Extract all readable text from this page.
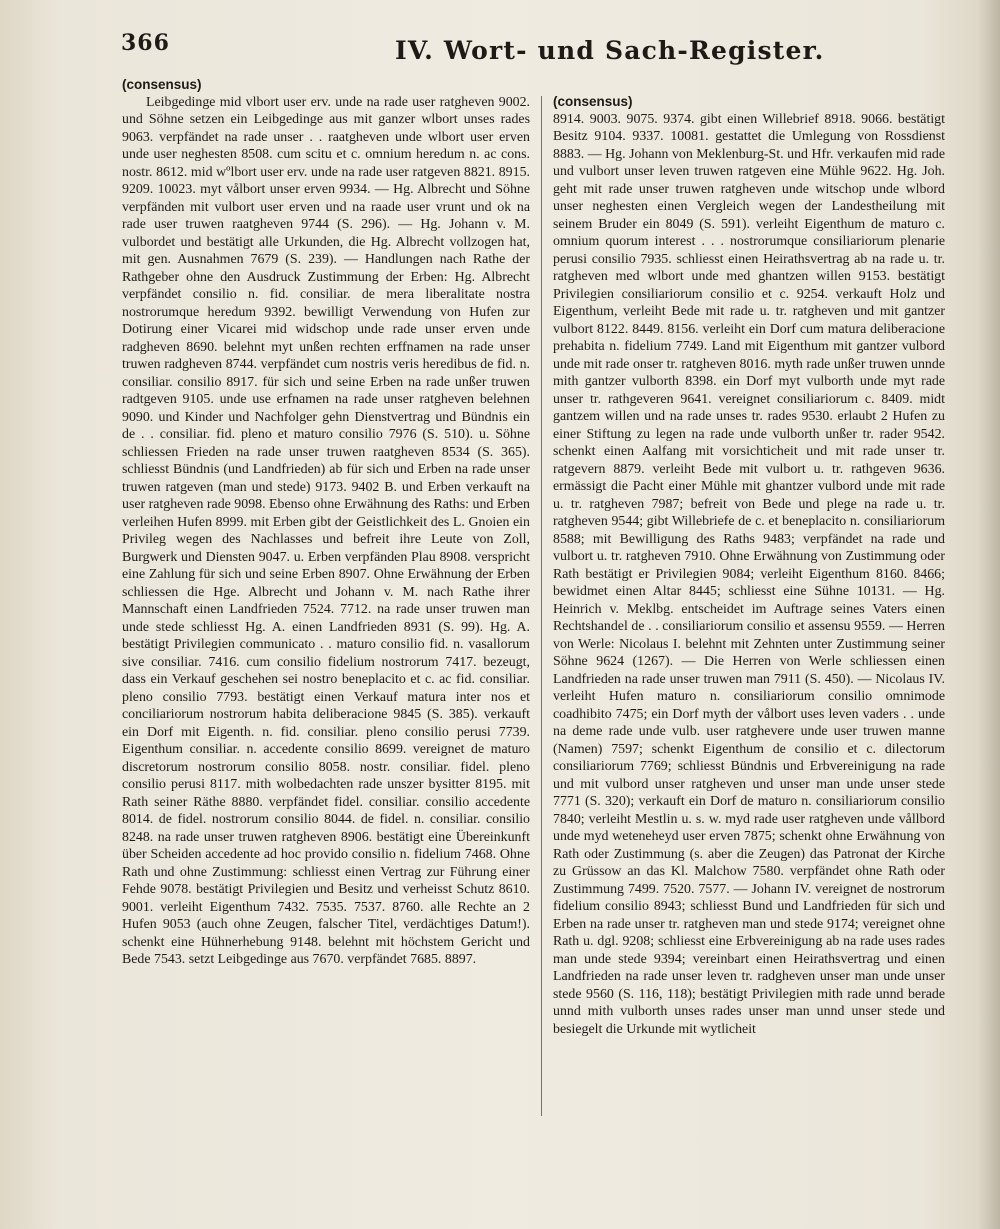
366	IV. Wort- und Sach-Register.

(consensus)

Leibgedinge mid vlbort user erv. unde na rade user ratgheven 9002. und Söhne setzen ein Leibgedinge aus mit ganzer wlbort unses rades 9063. verpfändet na rade unser . . raatgheven unde wlbort user erven unde user neghesten 8508. cum scitu et c. omnium heredum n. ac cons. nostr. 8612. mid wºlbort user erv. unde na rade user ratgeven 8821. 8915. 9209. 10023. myt vålbort unser erven 9934. — Hg. Albrecht und Söhne verpfänden mit vulbort user erven und na raade user vrunt und ok na rade user truwen raatgheven 9744 (S. 296). — Hg. Johann v. M. vulbordet und bestätigt alle Urkunden, die Hg. Albrecht vollzogen hat, mit gen. Ausnahmen 7679 (S. 239). — Handlungen nach Rathe der Rathgeber ohne den Ausdruck Zustimmung der Erben: Hg. Albrecht verpfändet consilio n. fid. consiliar. de mera liberalitate nostra nostrorumque heredum 9392. bewilligt Verwendung von Hufen zur Dotirung einer Vicarei mid widschop unde rade unser erven unde radgheven 8690. belehnt myt unßen rechten erffnamen na rade unser truwen radgheven 8744. verpfändet cum nostris veris heredibus de fid. n. consiliar. consilio 8917. für sich und seine Erben na rade unßer truwen radtgeven 9105. unde use erfnamen na rade unser ratgheven belehnen 9090. und Kinder und Nachfolger gehn Dienstvertrag und Bündnis ein de . . consiliar. fid. pleno et maturo consilio 7976 (S. 510). u. Söhne schliessen Frieden na rade unser truwen raatgheven 8534 (S. 365). schliesst Bündnis (und Landfrieden) ab für sich und Erben na rade unser truwen ratgeven (man und stede) 9173. 9402 B. und Erben verkauft na user ratgheven rade 9098. Ebenso ohne Erwähnung des Raths: und Erben verleihen Hufen 8999. mit Erben gibt der Geistlichkeit des L. Gnoien ein Privileg wegen des Nachlasses und befreit ihre Leute von Zoll, Burgwerk und Diensten 9047. u. Erben verpfänden Plau 8908. verspricht eine Zahlung für sich und seine Erben 8907. Ohne Erwähnung der Erben schliessen die Hge. Albrecht und Johann v. M. nach Rathe ihrer Mannschaft einen Landfrieden 7524. 7712. na rade unser truwen man unde stede schliesst Hg. A. einen Landfrieden 8931 (S. 99). Hg. A. bestätigt Privilegien communicato . . maturo consilio fid. n. vasallorum sive consiliar. 7416. cum consilio fidelium nostrorum 7417. bezeugt, dass ein Verkauf geschehen sei nostro beneplacito et c. ac fid. consiliar. pleno consilio 7793. bestätigt einen Verkauf matura inter nos et conciliariorum nostrorum habita deliberacione 9845 (S. 385). verkauft ein Dorf mit Eigenth. n. fid. consiliar. pleno consilio perusi 7739. Eigenthum consiliar. n. accedente consilio 8699. vereignet de maturo discretorum nostrorum consilio 8058. nostr. consiliar. fidel. pleno consilio perusi 8117. mith wolbedachten rade unszer bysitter 8195. mit Rath seiner Räthe 8880. verpfändet fidel. consiliar. consilio accedente 8014. de fidel. nostrorum consilio 8044. de fidel. n. consiliar. consilio 8248. na rade unser truwen ratgheven 8906. bestätigt eine Übereinkunft über Scheiden accedente ad hoc provido consilio n. fidelium 7468. Ohne Rath und ohne Zustimmung: schliesst einen Vertrag zur Führung einer Fehde 9078. bestätigt Privilegien und Besitz und verheisst Schutz 8610. 9001. verleiht Eigenthum 7432. 7535. 7537. 8760. alle Rechte an 2 Hufen 9053 (auch ohne Zeugen, falscher Titel, verdächtiges Datum!). schenkt eine Hühnerhebung 9148. belehnt mit höchstem Gericht und Bede 7543. setzt Leibgedinge aus 7670. verpfändet 7685. 8897.

(consensus)

8914. 9003. 9075. 9374. gibt einen Willebrief 8918. 9066. bestätigt Besitz 9104. 9337. 10081. gestattet die Umlegung von Rossdienst 8883. — Hg. Johann von Meklenburg-St. und Hfr. verkaufen mid rade und vulbort unser leven truwen ratgeven eine Mühle 9622. Hg. Joh. geht mit rade unser truwen ratgheven unde witschop unde wlbord unser neghesten einen Vergleich wegen der Landestheilung mit seinem Bruder ein 8049 (S. 591). verleiht Eigenthum de maturo c. omnium quorum interest . . . nostrorumque consiliariorum plenarie perusi consilio 7935. schliesst einen Heirathsvertrag ab na rade u. tr. ratgheven med wlbort unde med ghantzen willen 9153. bestätigt Privilegien consiliariorum consilio et c. 9254. verkauft Holz und Eigenthum, verleiht Bede mit rade u. tr. ratgheven und mit gantzer vulbort 8122. 8449. 8156. verleiht ein Dorf cum matura deliberacione prehabita n. fidelium 7749. Land mit Eigenthum mit gantzer vulbord unde mit rade onser tr. ratgheven 8016. myth rade unßer truwen unnde mith gantzer vulborth 8398. ein Dorf myt vulborth unde myt rade unser tr. rathgeveren 9641. vereignet consiliariorum c. 8409. midt gantzem willen und na rade unses tr. rades 9530. erlaubt 2 Hufen zu einer Stiftung zu legen na rade unde vulborth unßer tr. rader 9542. schenkt einen Aalfang mit vorsichticheit und mit rade unser tr. ratgevern 8879. verleiht Bede mit vulbort u. tr. rathgeven 9636. ermässigt die Pacht einer Mühle mit ghantzer vulbord unde mit rade u. tr. ratgheven 7987; befreit von Bede und plege na rade u. tr. ratgheven 9544; gibt Willebriefe de c. et beneplacito n. consiliariorum 8588; mit Bewilligung des Raths 9483; verpfändet na rade und vulbort u. tr. ratgheven 7910. Ohne Erwähnung von Zustimmung oder Rath bestätigt er Privilegien 9084; verleiht Eigenthum 8160. 8466; bewidmet einen Altar 8445; schliesst eine Sühne 10131. — Hg. Heinrich v. Meklbg. entscheidet im Auftrage seines Vaters einen Rechtshandel de . . consiliariorum consilio et assensu 9559. — Herren von Werle: Nicolaus I. belehnt mit Zehnten unter Zustimmung seiner Söhne 9624 (1267). — Die Herren von Werle schliessen einen Landfrieden na rade unser truwen man 7911 (S. 450). — Nicolaus IV. verleiht Hufen maturo n. consiliariorum consilio omnimode coadhibito 7475; ein Dorf myth der vålbort uses leven vaders . . unde na deme rade unde vulb. user ratghevere unde user truwen manne (Namen) 7597; schenkt Eigenthum de consilio et c. dilectorum consiliariorum 7769; schliesst Bündnis und Erbvereinigung na rade und mit vulbord unser ratgheven und unser man unde unser stede 7771 (S. 320); verkauft ein Dorf de maturo n. consiliariorum consilio 7840; verleiht Mestlin u. s. w. myd rade user ratgheven unde vållbord unde myd weteneheyd user erven 7875; schenkt ohne Erwähnung von Rath oder Zustimmung (s. aber die Zeugen) das Patronat der Kirche zu Grüssow an das Kl. Malchow 7580. verpfändet ohne Rath oder Zustimmung 7499. 7520. 7577. — Johann IV. vereignet de nostrorum fidelium consilio 8943; schliesst Bund und Landfrieden für sich und Erben na rade unser tr. ratgheven man und stede 9174; vereignet ohne Rath u. dgl. 9208; schliesst eine Erbvereinigung ab na rade uses rades man unde stede 9394; vereinbart einen Heirathsvertrag und einen Landfrieden na rade unser leven tr. radgheven unser man unde unser stede 9560 (S. 116, 118); bestätigt Privilegien mith rade unnd berade unnd mith vulborth unses rades unser man unnd unser stede und besiegelt die Urkunde mit wytlicheit
